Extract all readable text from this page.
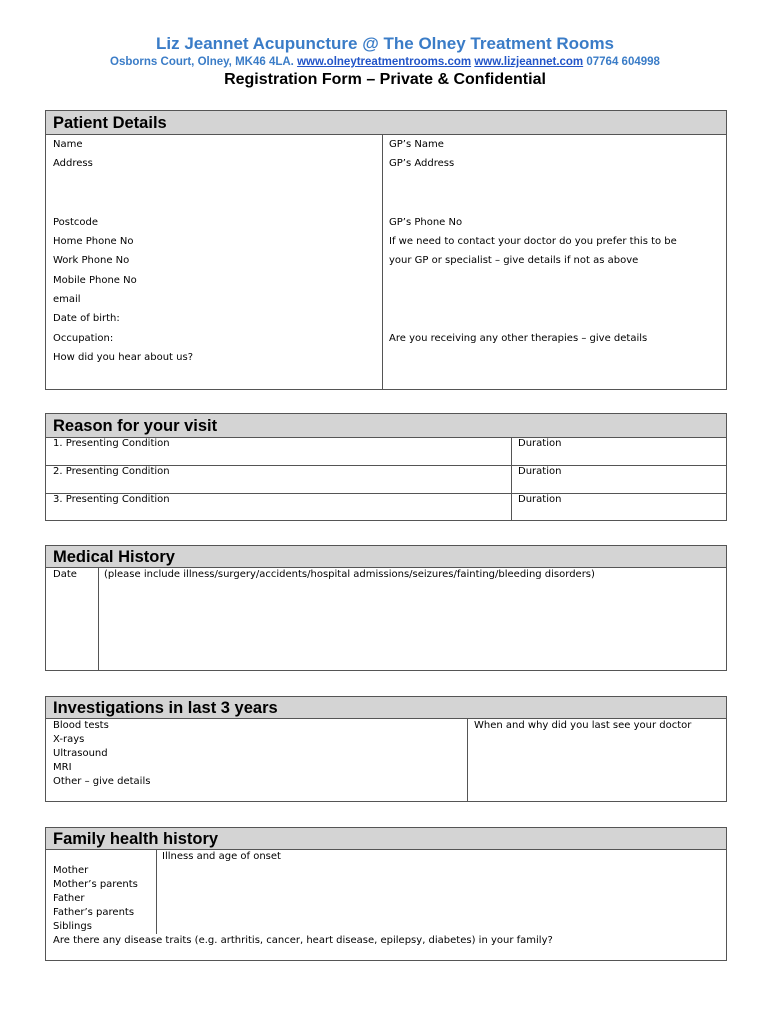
Liz Jeannet Acupuncture @ The Olney Treatment Rooms
Osborns Court, Olney, MK46 4LA. www.olneytreatmentrooms.com www.lizjeannet.com 07764 604998
Registration Form – Private & Confidential
Patient Details
Name
Address
Postcode
Home Phone No
Work Phone No
Mobile Phone No
email
Date of birth:
Occupation:
How did you hear about us?
GP’s Name
GP’s Address
GP’s Phone No
If we need to contact your doctor do you prefer this to be
your GP or specialist – give details if not as above
Are you receiving any other therapies – give details
Reason for your visit
1. Presenting Condition	Duration
2. Presenting Condition	Duration
3. Presenting Condition	Duration
Medical History
Date	(please include illness/surgery/accidents/hospital admissions/seizures/fainting/bleeding disorders)
Investigations in last 3 years
Blood tests
X-rays
Ultrasound
MRI
Other – give details
When and why did you last see your doctor
Family health history
Illness and age of onset
Mother
Mother’s parents
Father
Father’s parents
Siblings
Are there any disease traits (e.g. arthritis, cancer, heart disease, epilepsy, diabetes) in your family?
